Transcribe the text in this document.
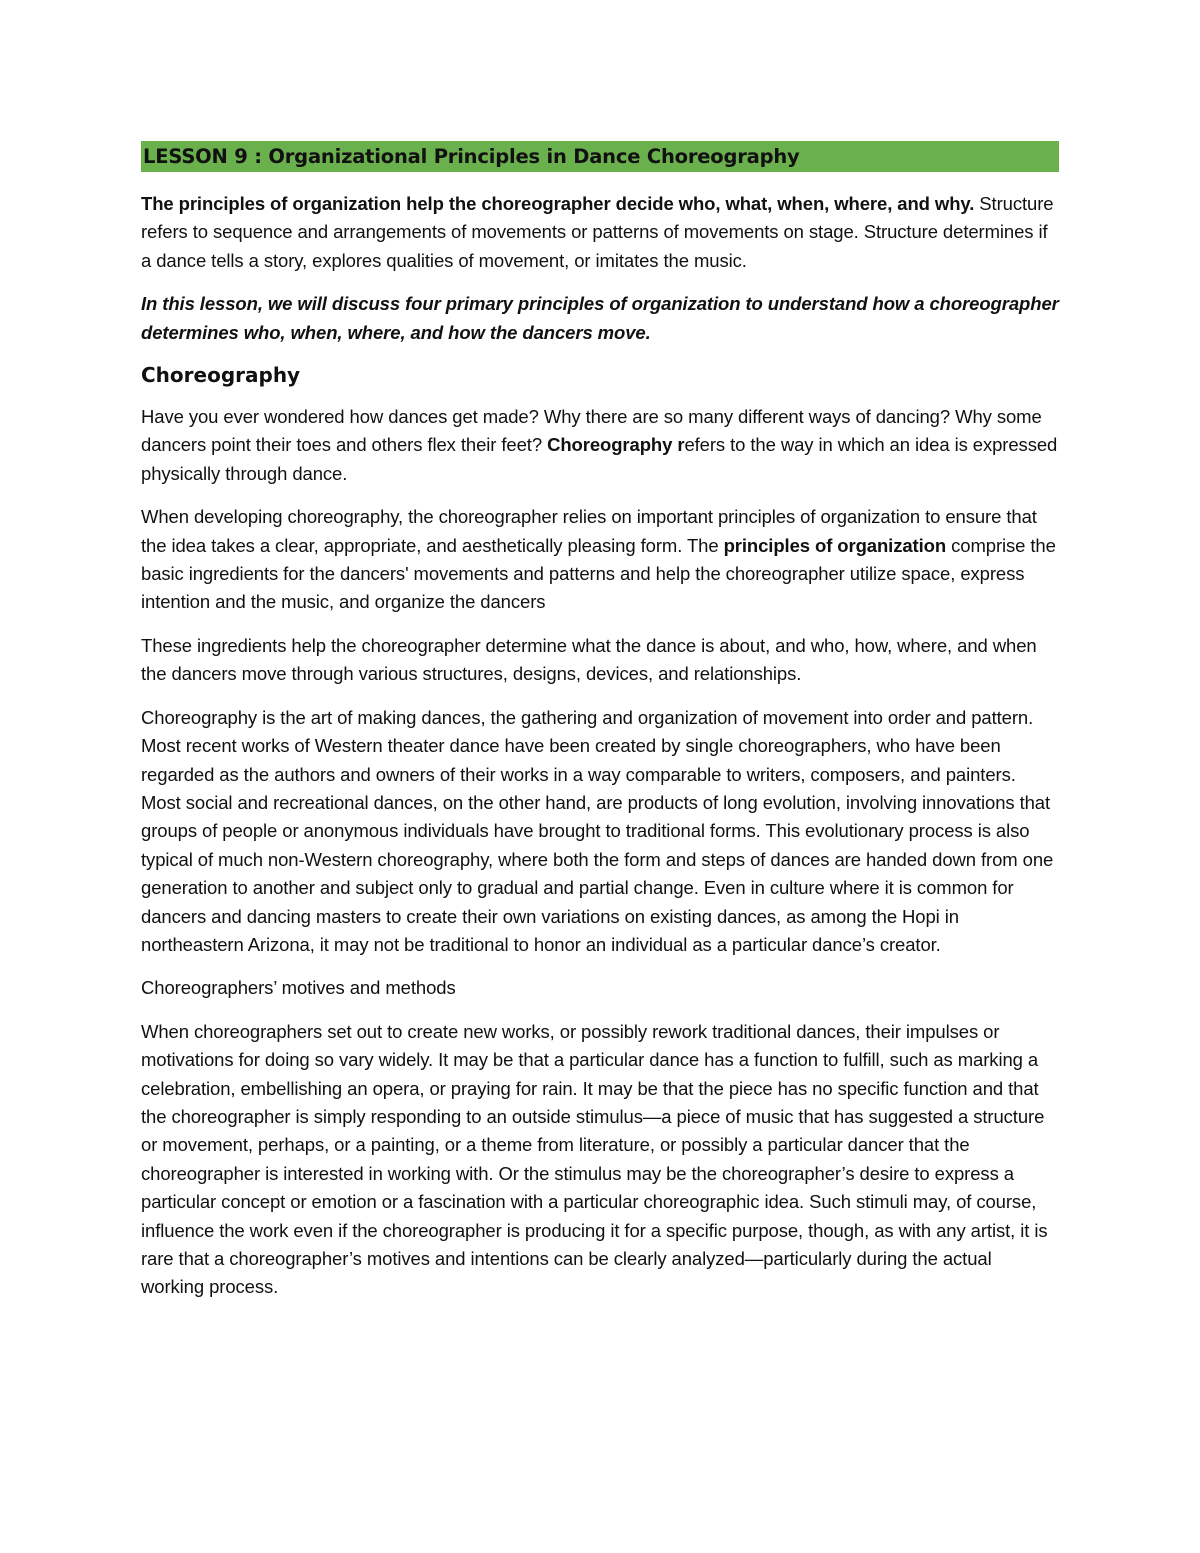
LESSON 9 : Organizational Principles in Dance Choreography

The principles of organization help the choreographer decide who, what, when, where, and why. Structure refers to sequence and arrangements of movements or patterns of movements on stage. Structure determines if a dance tells a story, explores qualities of movement, or imitates the music.

In this lesson, we will discuss four primary principles of organization to understand how a choreographer determines who, when, where, and how the dancers move.

Choreography

Have you ever wondered how dances get made? Why there are so many different ways of dancing? Why some dancers point their toes and others flex their feet? Choreography refers to the way in which an idea is expressed physically through dance.

When developing choreography, the choreographer relies on important principles of organization to ensure that the idea takes a clear, appropriate, and aesthetically pleasing form. The principles of organization comprise the basic ingredients for the dancers' movements and patterns and help the choreographer utilize space, express intention and the music, and organize the dancers

These ingredients help the choreographer determine what the dance is about, and who, how, where, and when the dancers move through various structures, designs, devices, and relationships.

Choreography is the art of making dances, the gathering and organization of movement into order and pattern. Most recent works of Western theater dance have been created by single choreographers, who have been regarded as the authors and owners of their works in a way comparable to writers, composers, and painters. Most social and recreational dances, on the other hand, are products of long evolution, involving innovations that groups of people or anonymous individuals have brought to traditional forms. This evolutionary process is also typical of much non-Western choreography, where both the form and steps of dances are handed down from one generation to another and subject only to gradual and partial change. Even in culture where it is common for dancers and dancing masters to create their own variations on existing dances, as among the Hopi in northeastern Arizona, it may not be traditional to honor an individual as a particular dance’s creator.

Choreographers’ motives and methods

When choreographers set out to create new works, or possibly rework traditional dances, their impulses or motivations for doing so vary widely. It may be that a particular dance has a function to fulfill, such as marking a celebration, embellishing an opera, or praying for rain. It may be that the piece has no specific function and that the choreographer is simply responding to an outside stimulus—a piece of music that has suggested a structure or movement, perhaps, or a painting, or a theme from literature, or possibly a particular dancer that the choreographer is interested in working with. Or the stimulus may be the choreographer’s desire to express a particular concept or emotion or a fascination with a particular choreographic idea. Such stimuli may, of course, influence the work even if the choreographer is producing it for a specific purpose, though, as with any artist, it is rare that a choreographer’s motives and intentions can be clearly analyzed—particularly during the actual working process.
